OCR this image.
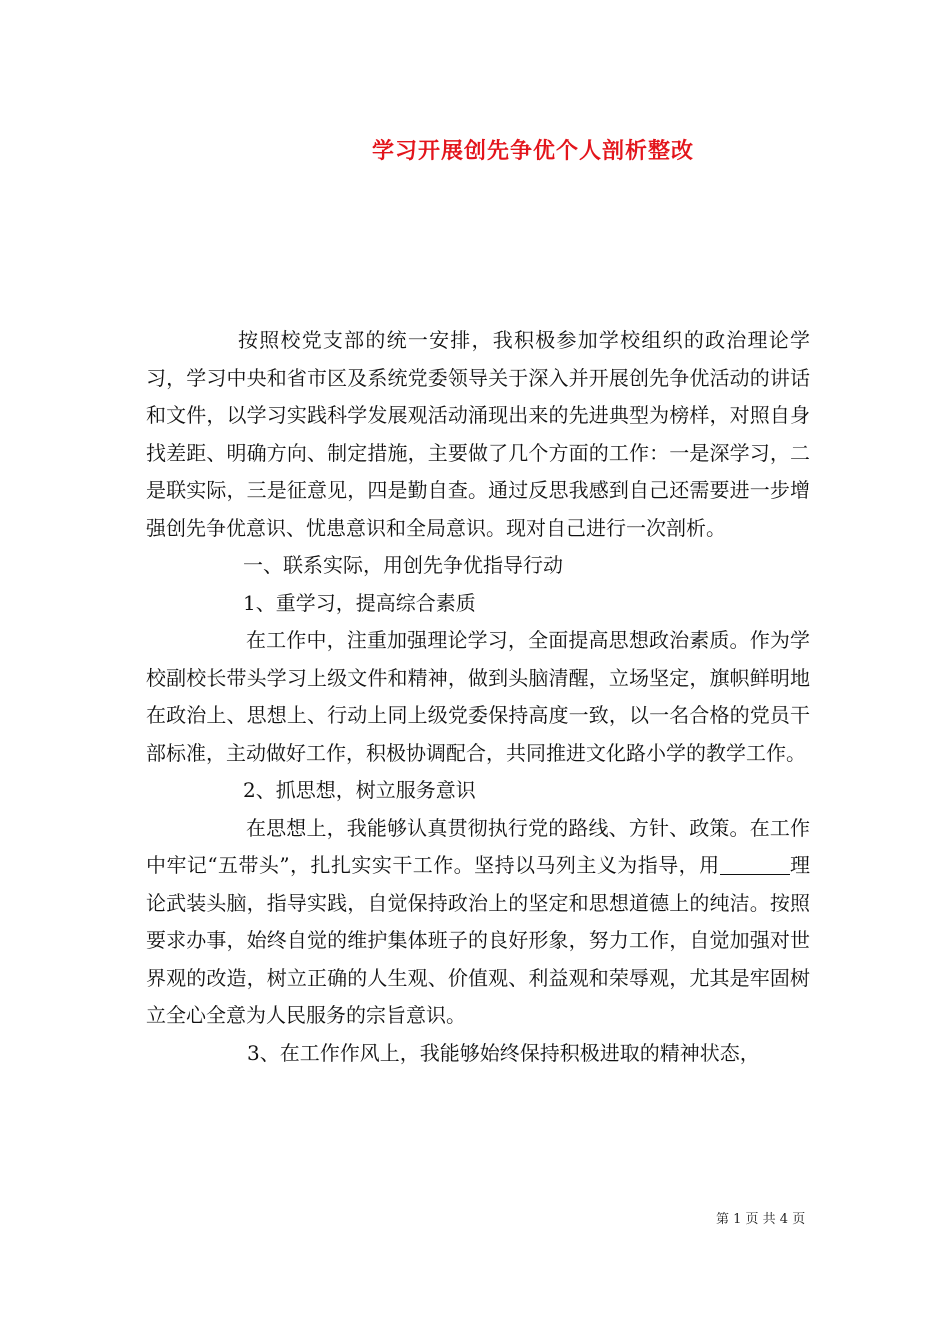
学习开展创先争优个人剖析整改

按照校党支部的统一安排，我积极参加学校组织的政治理论学习，学习中央和省市区及系统党委领导关于深入并开展创先争优活动的讲话和文件，以学习实践科学发展观活动涌现出来的先进典型为榜样，对照自身找差距、明确方向、制定措施，主要做了几个方面的工作：一是深学习，二是联实际，三是征意见，四是勤自查。通过反思我感到自己还需要进一步增强创先争优意识、忧患意识和全局意识。现对自己进行一次剖析。

一、联系实际，用创先争优指导行动

1、重学习，提高综合素质

在工作中，注重加强理论学习，全面提高思想政治素质。作为学校副校长带头学习上级文件和精神，做到头脑清醒，立场坚定，旗帜鲜明地在政治上、思想上、行动上同上级党委保持高度一致，以一名合格的党员干部标准，主动做好工作，积极协调配合，共同推进文化路小学的教学工作。

2、抓思想，树立服务意识

在思想上，我能够认真贯彻执行党的路线、方针、政策。在工作中牢记“五带头”，扎扎实实干工作。坚持以马列主义为指导，用	理论武装头脑，指导实践，自觉保持政治上的坚定和思想道德上的纯洁。按照要求办事，始终自觉的维护集体班子的良好形象，努力工作，自觉加强对世界观的改造，树立正确的人生观、价值观、利益观和荣辱观，尤其是牢固树立全心全意为人民服务的宗旨意识。

3、在工作作风上，我能够始终保持积极进取的精神状态，

第 1 页 共 4 页
